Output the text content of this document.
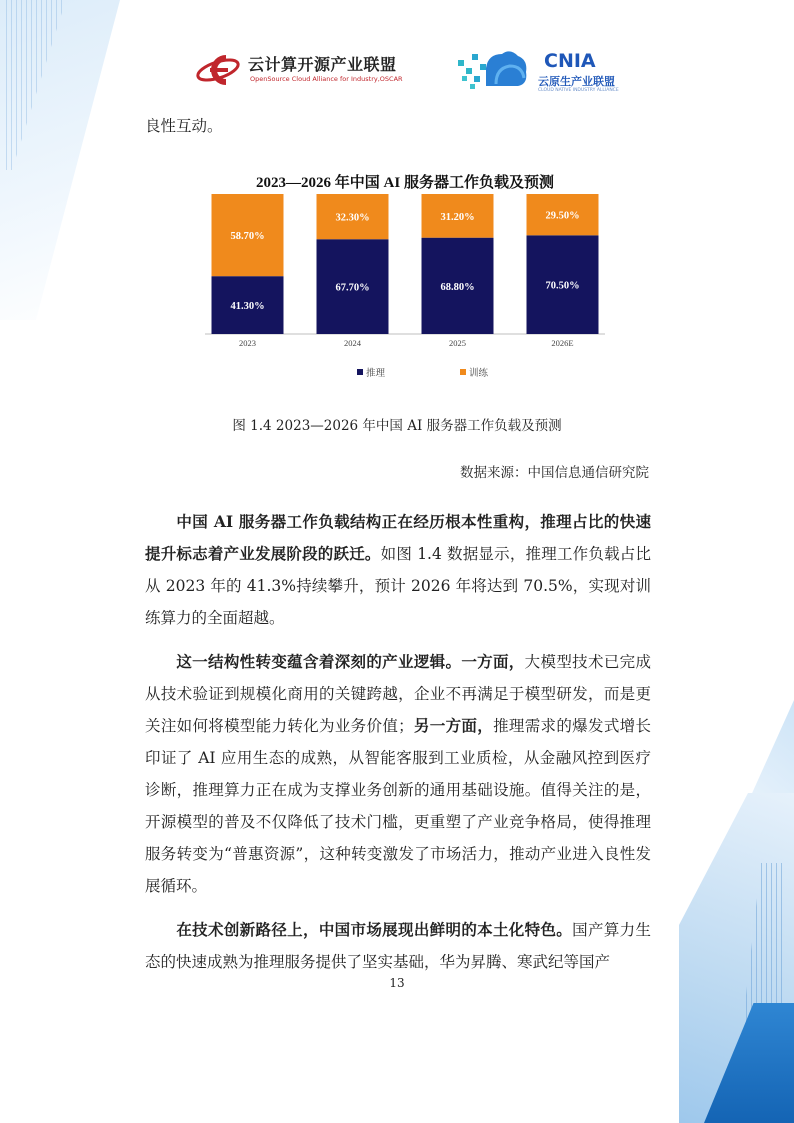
云计算开源产业联盟
OpenSource Cloud Alliance for Industry,OSCAR
CNIA
云原生产业联盟
CLOUD NATIVE INDUSTRY ALLIANCE
良性互动。
2023—2026 年中国 AI 服务器工作负载及预测
41.30%
58.70%
2023
67.70%
32.30%
2024
68.80%
31.20%
2025
70.50%
29.50%
2026E
推理	训练
图 1.4 2023—2026 年中国 AI 服务器工作负载及预测
数据来源：中国信息通信研究院

中国 AI 服务器工作负载结构正在经历根本性重构，推理占比的快速提升标志着产业发展阶段的跃迁。如图 1.4 数据显示，推理工作负载占比从 2023 年的 41.3%持续攀升，预计 2026 年将达到 70.5%，实现对训练算力的全面超越。

这一结构性转变蕴含着深刻的产业逻辑。一方面，大模型技术已完成从技术验证到规模化商用的关键跨越，企业不再满足于模型研发，而是更关注如何将模型能力转化为业务价值；另一方面，推理需求的爆发式增长印证了 AI 应用生态的成熟，从智能客服到工业质检，从金融风控到医疗诊断，推理算力正在成为支撑业务创新的通用基础设施。值得关注的是，开源模型的普及不仅降低了技术门槛，更重塑了产业竞争格局，使得推理服务转变为“普惠资源”，这种转变激发了市场活力，推动产业进入良性发展循环。

在技术创新路径上，中国市场展现出鲜明的本土化特色。国产算力生态的快速成熟为推理服务提供了坚实基础，华为昇腾、寒武纪等国产

13
